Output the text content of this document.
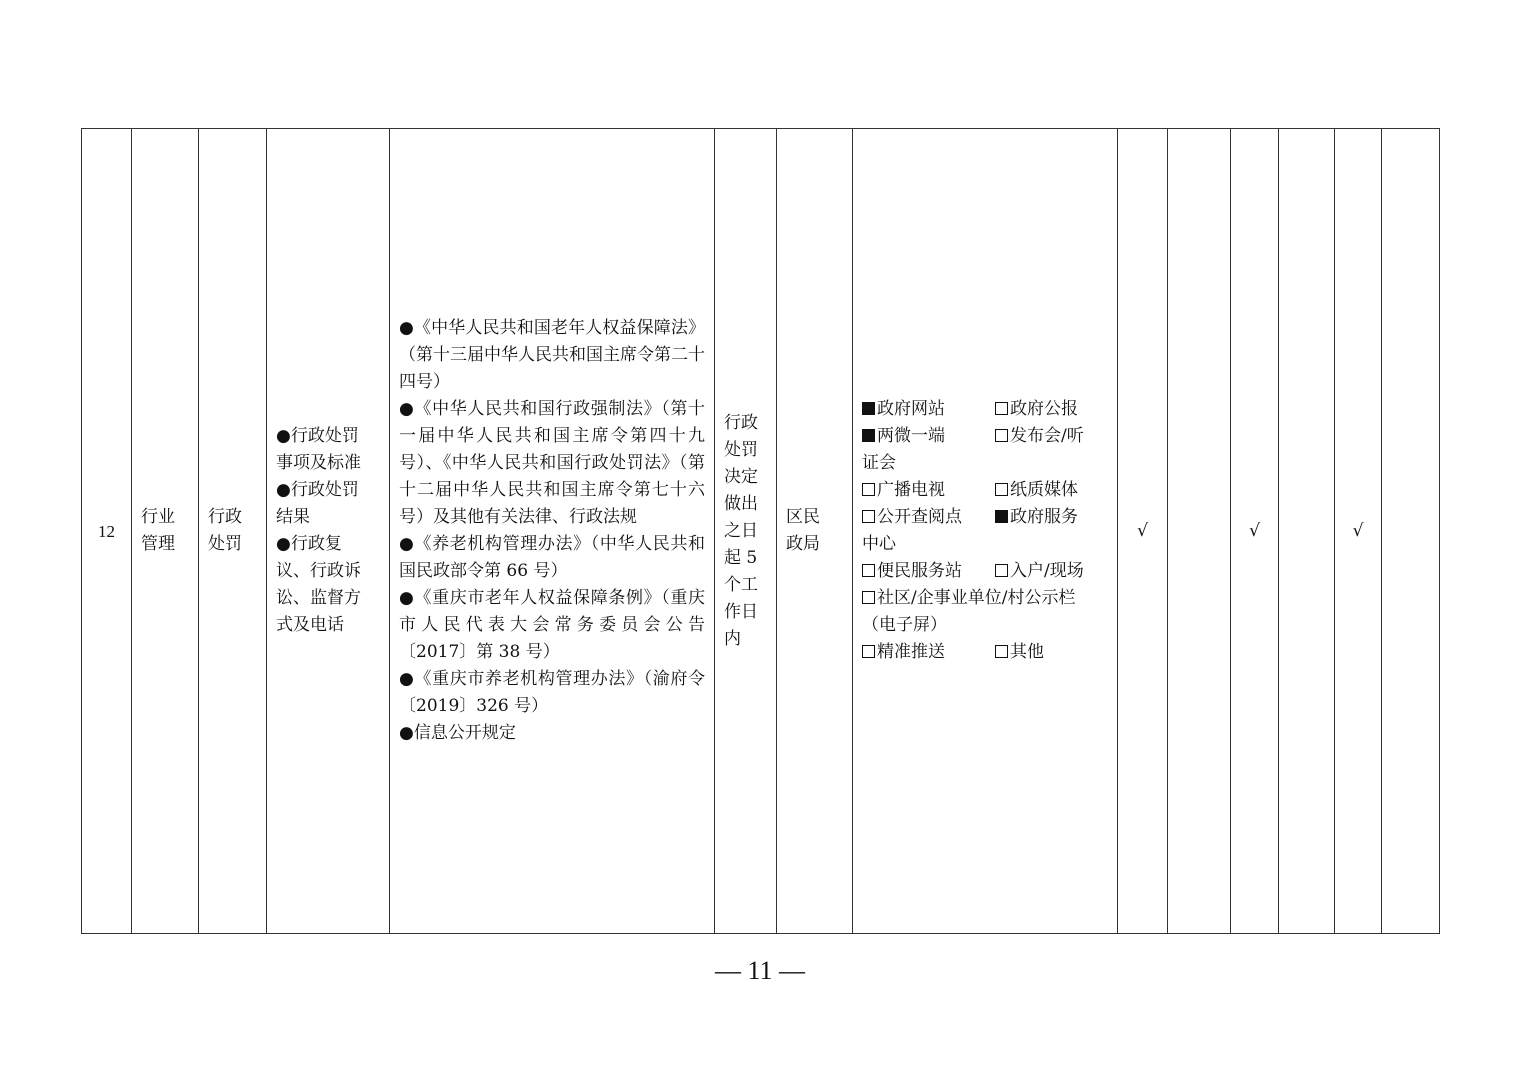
12	
行业
管理

行政
处罚

●行政处罚
事项及标准
●行政处罚
结果
●行政复
议、行政诉
讼、监督方
式及电话

●《中华人民共和国老年人权益保障法》（第十三届中华人民共和国主席令第二十四号）
●《中华人民共和国行政强制法》（第十一届中华人民共和国主席令第四十九号）、《中华人民共和国行政处罚法》（第十二届中华人民共和国主席令第七十六号）及其他有关法律、行政法规
●《养老机构管理办法》（中华人民共和国民政部令第 66 号）
●《重庆市老年人权益保障条例》（重庆市人民代表大会常务委员会公告〔2017〕第 38 号）
●《重庆市养老机构管理办法》（渝府令〔2019〕326 号）
●信息公开规定

行政
处罚
决定
做出
之日
起 5
个工
作日
内

区民
政局

政府网站	政府公报
两微一端	发布会/听
证会
广播电视	纸质媒体
公开查阅点	政府服务
中心
便民服务站	入户/现场
社区/企事业单位/村公示栏
（电子屏）
精准推送	其他
	√		√		√	
— 11 —
